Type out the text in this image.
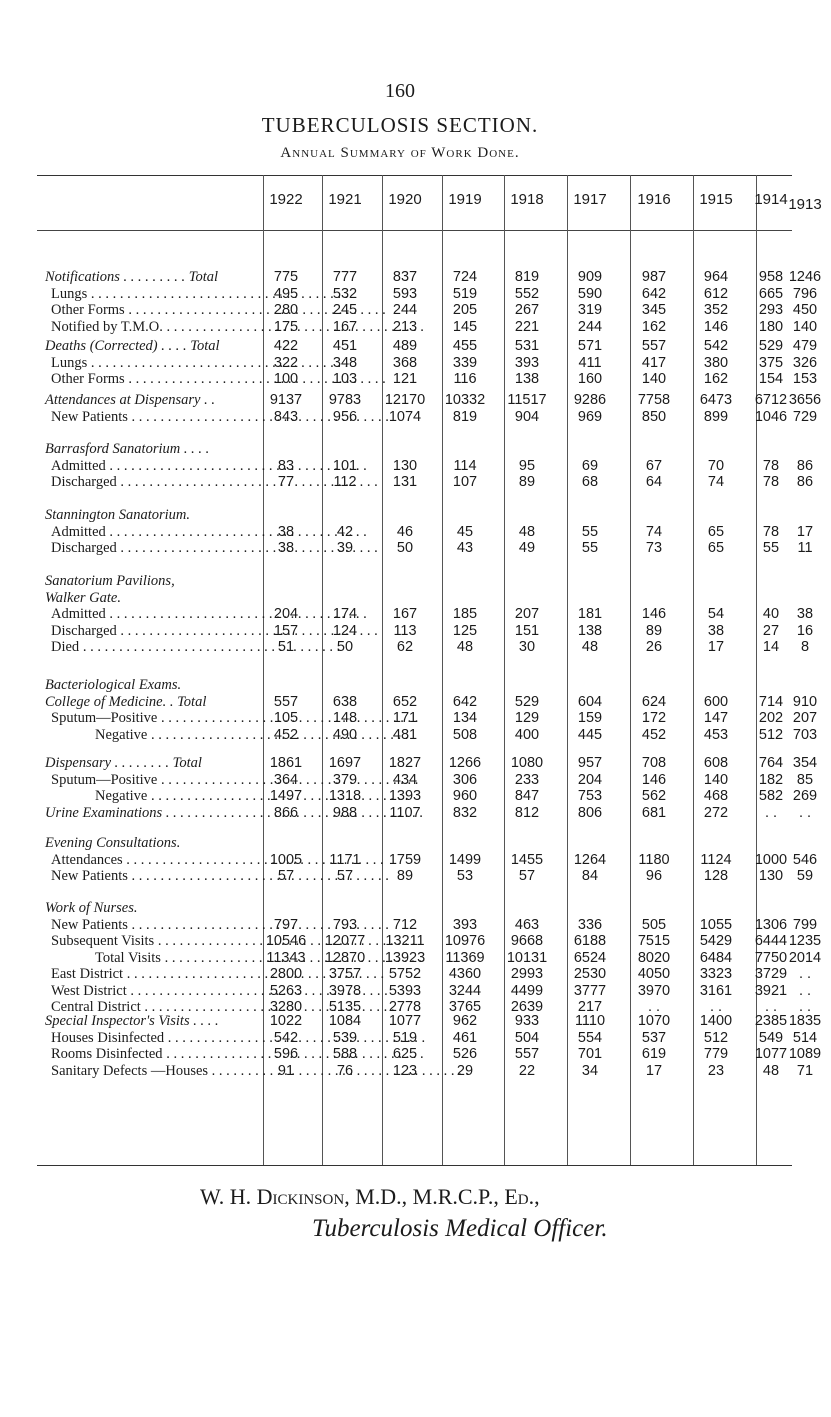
160
TUBERCULOSIS SECTION.
Annual Summary of Work Done.
1922	1921	1920	1919	1918	1917	1916	1915	1914 1913
Notifications . . . . . . . . . Total	775	777	837	724	819	909	987	964	958 1246
Lungs . . .	495	532	593	519	552	590	642	612	665 796
Other Forms . . .	280	245	244	205	267	319	345	352	293 450
Notified by T.M.O. . . .	175	167	213	145	221	244	162	146	180 140
Deaths (Corrected) . . . . Total	422	451	489	455	531	571	557	542	529 479
Lungs . . .	322	348	368	339	393	411	417	380	375 326
Other Forms . . .	100	103	121	116	138	160	140	162	154 153
Attendances at Dispensary . .	9137	9783	12170	10332	11517	9286	7758	6473	6712 3656
New Patients . . .	843	956	1074	819	904	969	850	899	1046 729
Barrasford Sanatorium . . . .
Admitted . . .	83	101	130	114	95	69	67	70	78	86
Discharged . . .	77	112	131	107	89	68	64	74	78	86
Stannington Sanatorium.
Admitted . . .	38	42	46	45	48	55	74	65	78	17
Discharged . . .	38	39	50	43	49	55	73	65	55	11
Sanatorium Pavilions,
Walker Gate.
Admitted . . .	204	174	167	185	207	181	146	54	40	38
Discharged . . .	157	124	113	125	151	138	89	38	27	16
Died . . .	51	50	62	48	30	48	26	17	14	8
Bacteriological Exams.
College of Medicine. . Total	557	638	652	642	529	604	624	600	714 910
Sputum—Positive . . .	105	148	171	134	129	159	172	147	202 207
Negative . . .	452	490	481	508	400	445	452	453	512 703
Dispensary . . . . . . . . Total	1861	1697	1827	1266	1080	957	708	608	764 354
Sputum—Positive . . .	364	379	434	306	233	204	146	140	182 85
Negative . . .	1497	1318	1393	960	847	753	562	468	582 269
Urine Examinations . . .	866	988	1107	832	812	806	681	272	. .	. .
Evening Consultations.
Attendances . . .	1005	1171	1759	1499	1455	1264	1180	1124	1000 546
New Patients . . .	57	57	89	53	57	84	96	128	130 59
Work of Nurses.
New Patients . . .	797	793	712	393	463	336	505	1055	1306 799
Subsequent Visits . . .	10546	12077	13211	10976	9668	6188	7515	5429	6444 1235
Total Visits . . .	11343	12870	13923	11369	10131	6524	8020	6484	7750 2014
East District . . .	2800	3757	5752	4360	2993	2530	4050	3323	3729 . .
West District . . .	5263	3978	5393	3244	4499	3777	3970	3161	3921 . .
Central District . . .	3280	5135	2778	3765	2639	217	. .	. .	. .	. .
Special Inspector's Visits . . . .	1022	1084	1077	962	933	1110	1070	1400	2385 1835
Houses Disinfected . . .	542	539	519	461	504	554	537	512	549 514
Rooms Disinfected . . .	596	588	625	526	557	701	619	779	1077 1089
Sanitary Defects —Houses . . .	91	76	123	29	22	34	17	23	48	71
W. H. Dickinson, M.D., M.R.C.P., Ed.,
Tuberculosis Medical Officer.
